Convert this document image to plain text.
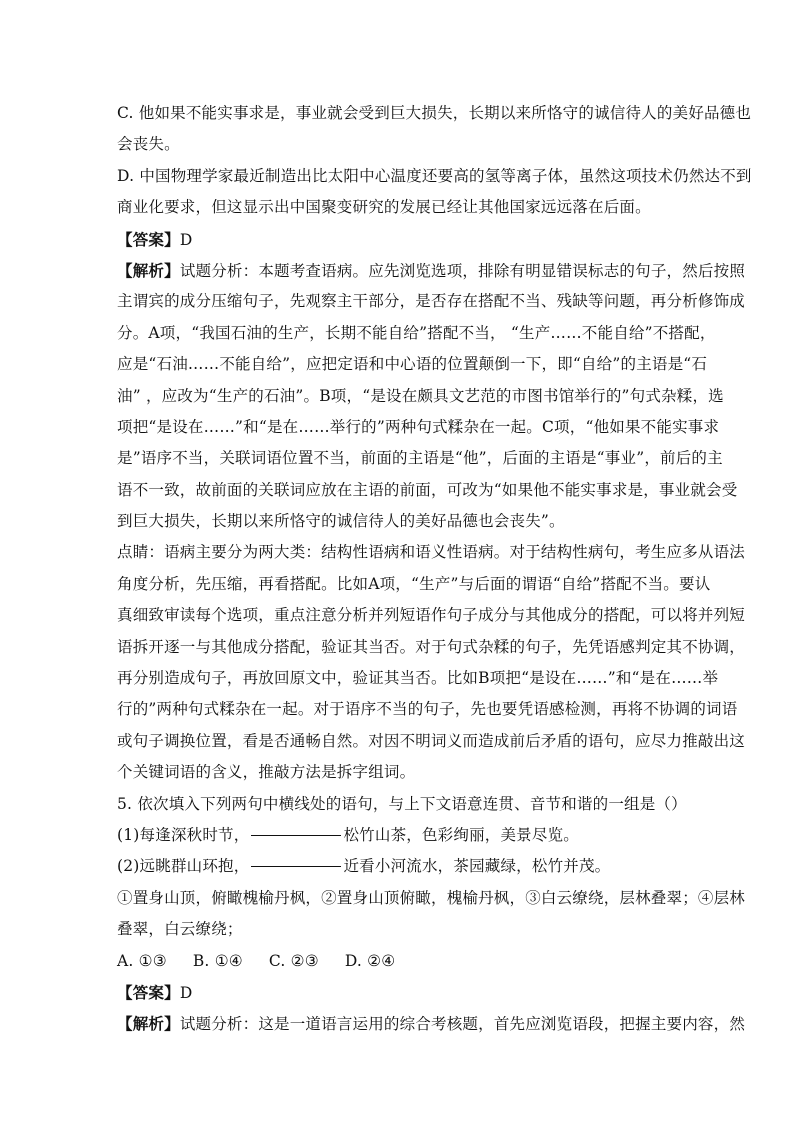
C. 他如果不能实事求是，事业就会受到巨大损失，长期以来所恪守的诚信待人的美好品德也
会丧失。
D. 中国物理学家最近制造出比太阳中心温度还要高的氢等离子体，虽然这项技术仍然达不到
商业化要求，但这显示出中国聚变研究的发展已经让其他国家远远落在后面。
【答案】D
【解析】试题分析：本题考查语病。应先浏览选项，排除有明显错误标志的句子，然后按照
主谓宾的成分压缩句子，先观察主干部分，是否存在搭配不当、残缺等问题，再分析修饰成
分。A项，“我国石油的生产，长期不能自给”搭配不当， “生产……不能自给”不搭配，
应是“石油……不能自给”，应把定语和中心语的位置颠倒一下，即“自给”的主语是“石
油” ，应改为“生产的石油”。B项，“是设在颇具文艺范的市图书馆举行的”句式杂糅，选
项把“是设在……”和“是在……举行的”两种句式糅杂在一起。C项，“他如果不能实事求
是”语序不当，关联词语位置不当，前面的主语是“他”，后面的主语是“事业”，前后的主
语不一致，故前面的关联词应放在主语的前面，可改为“如果他不能实事求是，事业就会受
到巨大损失，长期以来所恪守的诚信待人的美好品德也会丧失”。
点睛：语病主要分为两大类：结构性语病和语义性语病。对于结构性病句，考生应多从语法
角度分析，先压缩，再看搭配。比如A项，“生产”与后面的谓语“自给”搭配不当。要认
真细致审读每个选项，重点注意分析并列短语作句子成分与其他成分的搭配，可以将并列短
语拆开逐一与其他成分搭配，验证其当否。对于句式杂糅的句子，先凭语感判定其不协调，
再分别造成句子，再放回原文中，验证其当否。比如B项把“是设在……”和“是在……举
行的”两种句式糅杂在一起。对于语序不当的句子，先也要凭语感检测，再将不协调的词语
或句子调换位置，看是否通畅自然。对因不明词义而造成前后矛盾的语句，应尽力推敲出这
个关键词语的含义，推敲方法是拆字组词。
5. 依次填入下列两句中横线处的语句，与上下文语意连贯、音节和谐的一组是（）
(1)每逢深秋时节，	松竹山茶，色彩绚丽，美景尽览。
(2)远眺群山环抱，	近看小河流水，茶园藏绿，松竹并茂。
①置身山顶，俯瞰槐榆丹枫，②置身山顶俯瞰，槐榆丹枫，③白云缭绕，层林叠翠；④层林
叠翠，白云缭绕；
A. ①③ B. ①④ C. ②③ D. ②④
【答案】D
【解析】试题分析：这是一道语言运用的综合考核题，首先应浏览语段，把握主要内容，然
